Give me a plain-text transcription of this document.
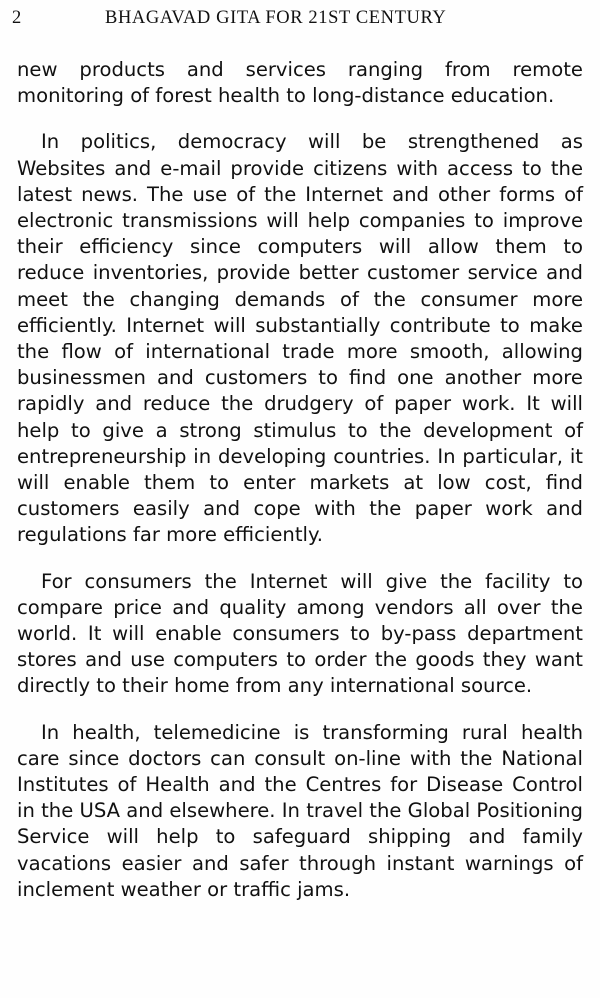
2	BHAGAVAD GITA FOR 21ST CENTURY

new products and services ranging from remote monitoring of forest health to long-distance education.

In politics, democracy will be strengthened as Websites and e-mail provide citizens with access to the latest news. The use of the Internet and other forms of electronic transmissions will help companies to improve their efficiency since computers will allow them to reduce inventories, provide better customer service and meet the changing demands of the consumer more efficiently. Internet will substantially contribute to make the flow of international trade more smooth, allowing businessmen and customers to find one another more rapidly and reduce the drudgery of paper work. It will help to give a strong stimulus to the development of entrepreneurship in developing countries. In particular, it will enable them to enter markets at low cost, find customers easily and cope with the paper work and regulations far more efficiently.

For consumers the Internet will give the facility to compare price and quality among vendors all over the world. It will enable consumers to by-pass department stores and use computers to order the goods they want directly to their home from any international source.

In health, telemedicine is transforming rural health care since doctors can consult on-line with the National Institutes of Health and the Centres for Disease Control in the USA and elsewhere. In travel the Global Positioning Service will help to safeguard shipping and family vacations easier and safer through instant warnings of inclement weather or traffic jams.
